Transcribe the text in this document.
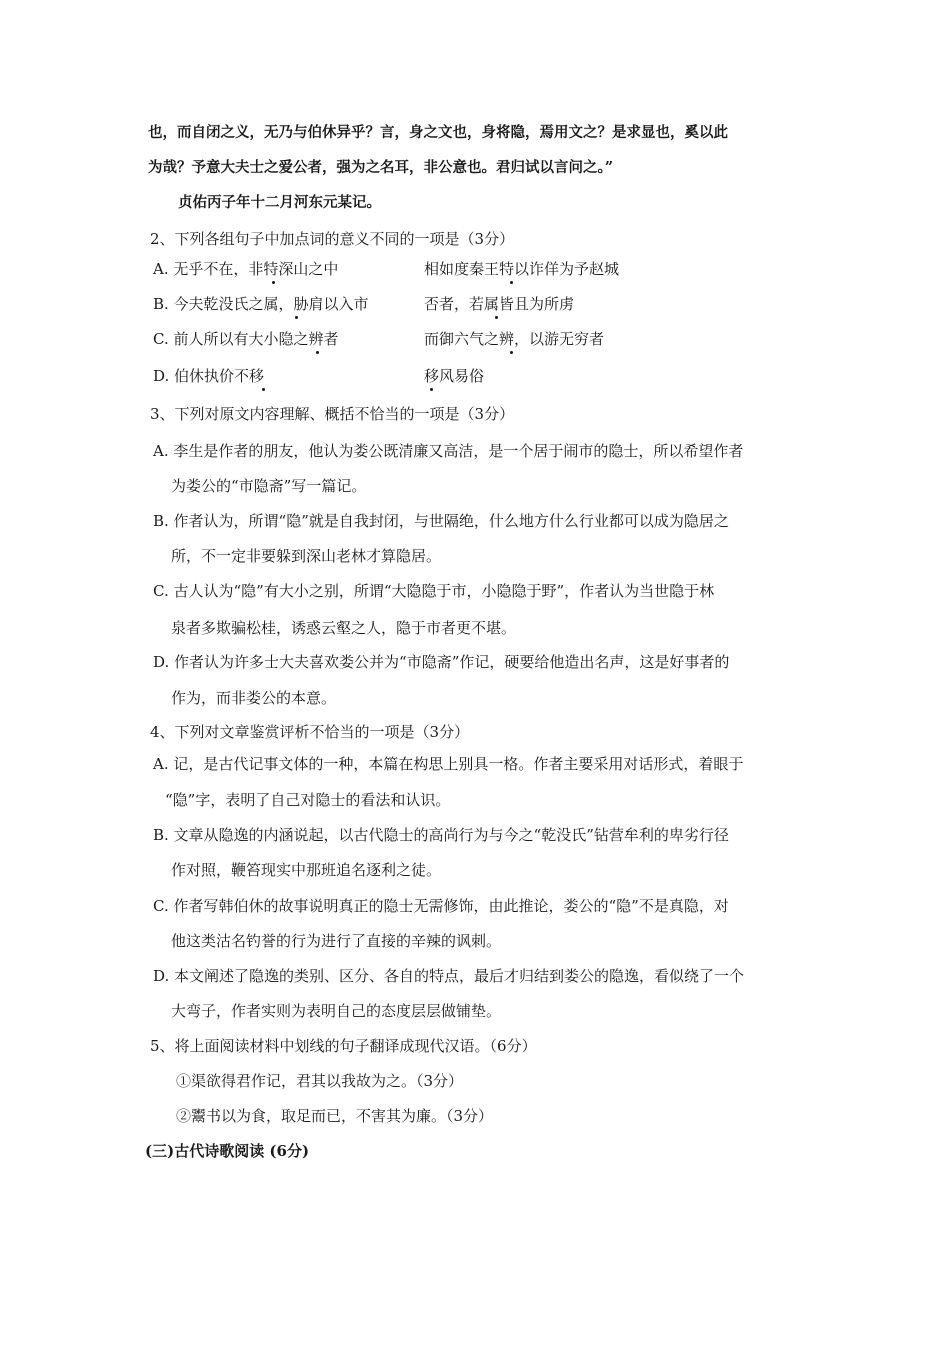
也，而自闭之义，无乃与伯休异乎？言，身之文也，身将隐，焉用文之？是求显也，奚以此
为哉？予意大夫士之爱公者，强为之名耳，非公意也。君归试以言问之。”
贞佑丙子年十二月河东元某记。
2、下列各组句子中加点词的意义不同的一项是（3分）
A. 无乎不在，非特深山之中	相如度秦王特以诈佯为予赵城
B. 今夫乾没氏之属，胁肩以入市	否者，若属皆且为所虏
C. 前人所以有大小隐之辨者	而御六气之辨，以游无穷者
D. 伯休执价不移	移风易俗
3、下列对原文内容理解、概括不恰当的一项是（3分）
A. 李生是作者的朋友，他认为娄公既清廉又高洁，是一个居于闹市的隐士，所以希望作者
为娄公的“市隐斋”写一篇记。
B. 作者认为，所谓“隐”就是自我封闭，与世隔绝，什么地方什么行业都可以成为隐居之
所，不一定非要躲到深山老林才算隐居。
C. 古人认为“隐”有大小之别，所谓“大隐隐于市，小隐隐于野”，作者认为当世隐于林
泉者多欺骗松桂，诱惑云壑之人，隐于市者更不堪。
D. 作者认为许多士大夫喜欢娄公并为“市隐斋”作记，硬要给他造出名声，这是好事者的
作为，而非娄公的本意。
4、下列对文章鉴赏评析不恰当的一项是（3分）
A. 记，是古代记事文体的一种，本篇在构思上别具一格。作者主要采用对话形式，着眼于
“隐”字，表明了自己对隐士的看法和认识。
B. 文章从隐逸的内涵说起，以古代隐士的高尚行为与今之“乾没氏”钻营牟利的卑劣行径
作对照，鞭笞现实中那班追名逐利之徒。
C. 作者写韩伯休的故事说明真正的隐士无需修饰，由此推论，娄公的“隐”不是真隐，对
他这类沽名钓誉的行为进行了直接的辛辣的讽刺。
D. 本文阐述了隐逸的类别、区分、各自的特点，最后才归结到娄公的隐逸，看似绕了一个
大弯子，作者实则为表明自己的态度层层做铺垫。
5、将上面阅读材料中划线的句子翻译成现代汉语。（6分）
①渠欲得君作记，君其以我故为之。（3分）
②鬻书以为食，取足而已，不害其为廉。（3分）
(三)古代诗歌阅读 (6分)
